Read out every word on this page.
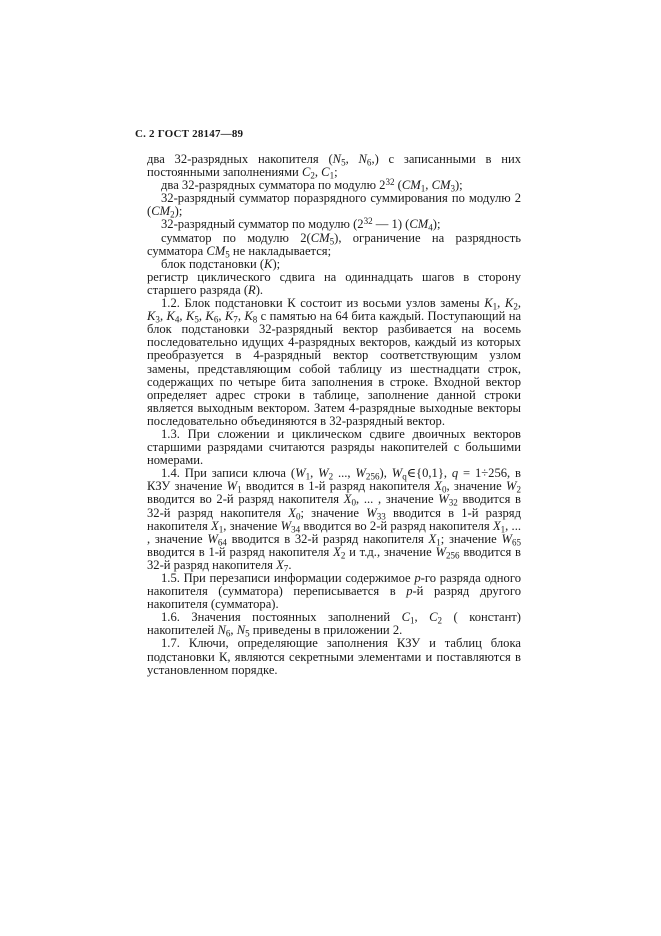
С. 2 ГОСТ 28147—89

два 32-разрядных накопителя ($N_5$, $N_6$,) с записанными в них постоянными заполнениями $C_2$, $C_1$;

два 32-разрядных сумматора по модулю $2^{32}$ ($СМ_1$, $СМ_3$);

32-разрядный сумматор поразрядного суммирования по модулю 2 $(СМ_2)$;

32-разрядный сумматор по модулю ($2^{32}$ — 1) $(СМ_4)$;

сумматор по модулю $2(СМ_5)$, ограничение на разрядность сумматора $СМ_5$ не накладывается;

блок подстановки (K);

регистр циклического сдвига на одиннадцать шагов в сторону старшего разряда (R).

1.2. Блок подстановки К состоит из восьми узлов замены $K_1$, $K_2$, $K_3$, $K_4$, $K_5$, $K_6$, $K_7$, $K_8$ с памятью на 64 бита каждый. Поступающий на блок подстановки 32-разрядный вектор разбивается на восемь последовательно идущих 4-разрядных векторов, каждый из которых преобразуется в 4-разрядный вектор соответствующим узлом замены, представляющим собой таблицу из шестнадцати строк, содержащих по четыре бита заполнения в строке. Входной вектор определяет адрес строки в таблице, заполнение данной строки является выходным вектором. Затем 4-разрядные выходные векторы последовательно объединяются в 32-разрядный вектор.

1.3. При сложении и циклическом сдвиге двоичных векторов старшими разрядами считаются разряды накопителей с большими номерами.

1.4. При записи ключа ($W_1$, $W_2$ ..., $W_{256}$), $W_q\in\{0,1\}$, q = 1÷256, в КЗУ значение $W_1$ вводится в 1-й разряд накопителя $X_0$, значение $W_2$ вводится во 2-й разряд накопителя $X_0$, ... , значение $W_{32}$ вводится в 32-й разряд накопителя $X_0$; значение $W_{33}$ вводится в 1-й разряд накопителя $X_1$, значение $W_{34}$ вводится во 2-й разряд накопителя $X_1$, ... , значение $W_{64}$ вводится в 32-й разряд накопителя $X_1$; значение $W_{65}$ вводится в 1-й разряд накопителя $X_2$ и т.д., значение $W_{256}$ вводится в 32-й разряд накопителя $X_7$.

1.5. При перезаписи информации содержимое p-го разряда одного накопителя (сумматора) переписывается в p-й разряд другого накопителя (сумматора).

1.6. Значения постоянных заполнений $C_1$, $C_2$ ( констант) накопителей $N_6$, $N_5$ приведены в приложении 2.

1.7. Ключи, определяющие заполнения КЗУ и таблиц блока подстановки К, являются секретными элементами и поставляются в установленном порядке.
